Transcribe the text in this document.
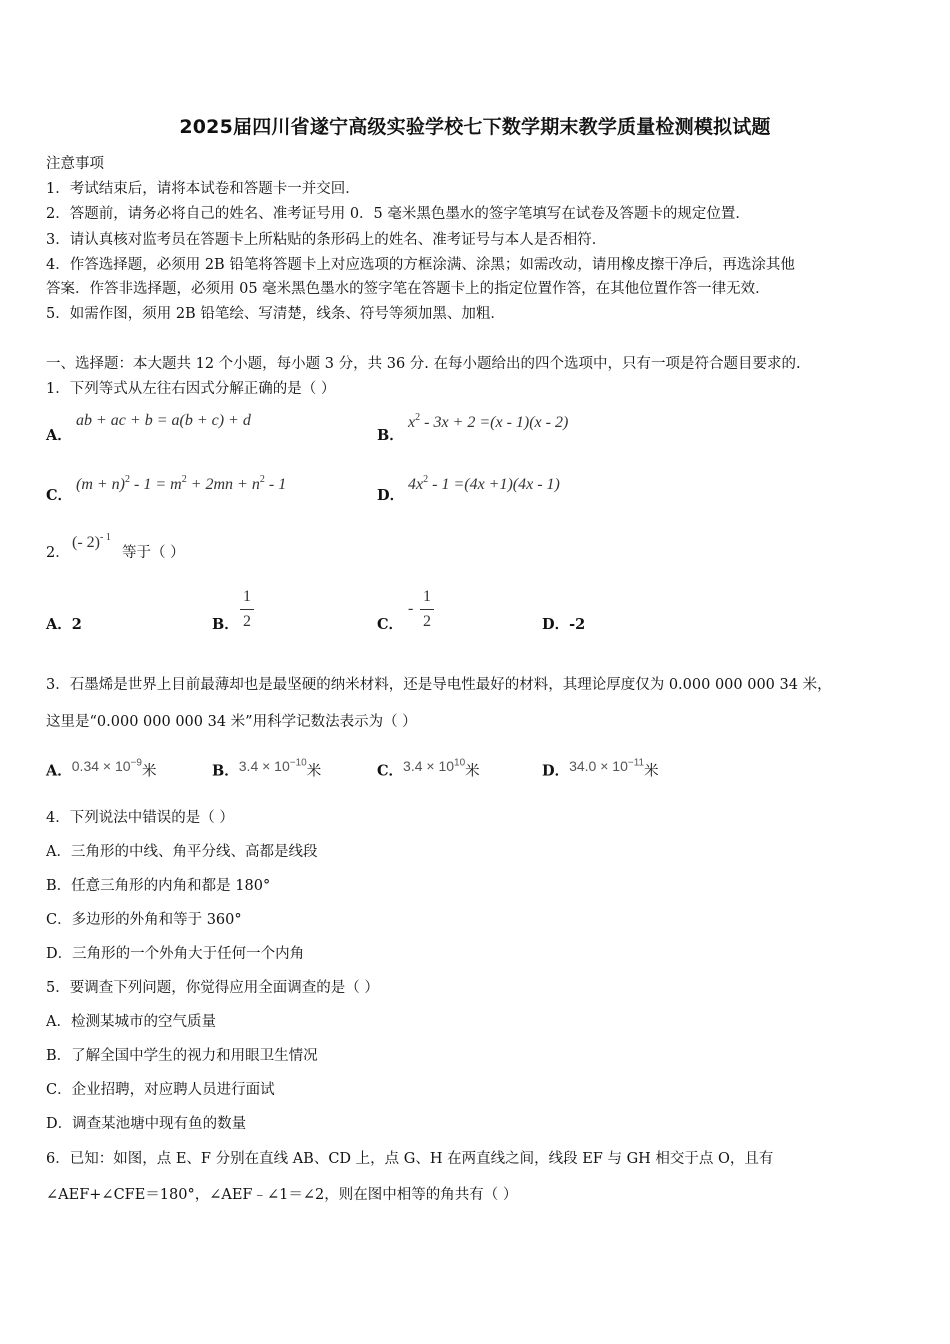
2025届四川省遂宁高级实验学校七下数学期末教学质量检测模拟试题
注意事项
1．考试结束后，请将本试卷和答题卡一并交回．
2．答题前，请务必将自己的姓名、准考证号用 0．5 毫米黑色墨水的签字笔填写在试卷及答题卡的规定位置．
3．请认真核对监考员在答题卡上所粘贴的条形码上的姓名、准考证号与本人是否相符．
4．作答选择题，必须用 2B 铅笔将答题卡上对应选项的方框涂满、涂黑；如需改动，请用橡皮擦干净后，再选涂其他
答案．作答非选择题，必须用 05 毫米黑色墨水的签字笔在答题卡上的指定位置作答，在其他位置作答一律无效．
5．如需作图，须用 2B 铅笔绘、写清楚，线条、符号等须加黑、加粗．
一、选择题：本大题共 12 个小题，每小题 3 分，共 36 分. 在每小题给出的四个选项中，只有一项是符合题目要求的.
1．下列等式从左往右因式分解正确的是（ ）
A．
ab + ac + b = a(b + c) + d
B．
$x^2 - 3x + 2 =(x - 1)(x - 2)$
C．
$(m + n)^2 - 1 = m^2 + 2mn + n^2 - 1$
D．
$4x^2 - 1 =(4x +1)(4x - 1)$
2．
(- 2)$^{- 1}$
等于（ ）
A．2	B．
1
2	C．
-
1
2	D．-2
3．石墨烯是世界上目前最薄却也是最坚硬的纳米材料，还是导电性最好的材料，其理论厚度仅为 0.000 000 000 34 米，
这里是“0.000 000 000 34 米”用科学记数法表示为（ ）
A．$0.34 \times 10^{-9}$米	B．$3.4 \times 10^{-10}$米	C．$3.4 \times 10^{10}$米	D．$34.0 \times 10^{-11}$米
4．下列说法中错误的是（ ）
A．三角形的中线、角平分线、高都是线段
B．任意三角形的内角和都是 180°
C．多边形的外角和等于 360°
D．三角形的一个外角大于任何一个内角
5．要调查下列问题，你觉得应用全面调查的是（ ）
A．检测某城市的空气质量
B．了解全国中学生的视力和用眼卫生情况
C．企业招聘，对应聘人员进行面试
D．调查某池塘中现有鱼的数量
6．已知：如图，点 E、F 分别在直线 AB、CD 上，点 G、H 在两直线之间，线段 EF 与 GH 相交于点 O，且有
∠AEF+∠CFE＝180°，∠AEF﹣∠1＝∠2，则在图中相等的角共有（ ）
